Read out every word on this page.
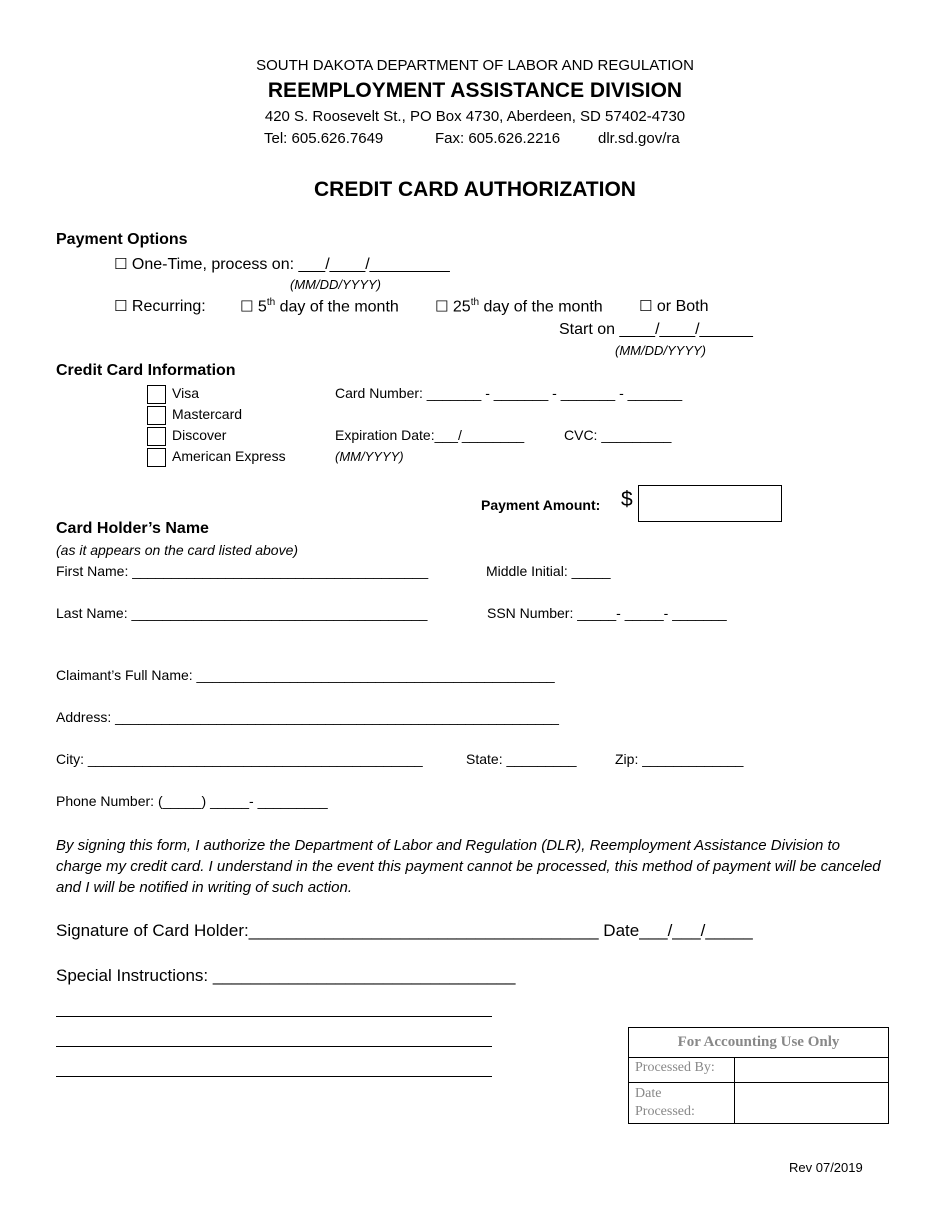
SOUTH DAKOTA DEPARTMENT OF LABOR AND REGULATION
REEMPLOYMENT ASSISTANCE DIVISION
420 S. Roosevelt St., PO Box 4730, Aberdeen, SD 57402-4730
Tel: 605.626.7649	Fax: 605.626.2216	dlr.sd.gov/ra
CREDIT CARD AUTHORIZATION
Payment Options
☐ One-Time, process on: ___/____/_________
(MM/DD/YYYY)
☐ Recurring: ☐ 5th day of the month ☐ 25th day of the month ☐ or Both
Start on ____/____/______
(MM/DD/YYYY)
Credit Card Information
Visa
Mastercard
Discover
American Express
Card Number: _______ - _______ - _______ - _______
Expiration Date:___/________	CVC: _________
(MM/YYYY)
Payment Amount: $
Card Holder’s Name
(as it appears on the card listed above)
First Name: ______________________________________	Middle Initial: _____
Last Name: ______________________________________	SSN Number: _____- _____- _______
Claimant’s Full Name: ______________________________________________
Address: _________________________________________________________
City: ___________________________________________	State: _________	Zip: _____________
Phone Number: (_____) _____- _________
By signing this form, I authorize the Department of Labor and Regulation (DLR), Reemployment Assistance Division to charge my credit card. I understand in the event this payment cannot be processed, this method of payment will be canceled and I will be notified in writing of such action.
Signature of Card Holder:_____________________________________ Date___/___/_____
Special Instructions: ________________________________
For Accounting Use Only	
Processed By:	
Date
Processed:	
Rev 07/2019
